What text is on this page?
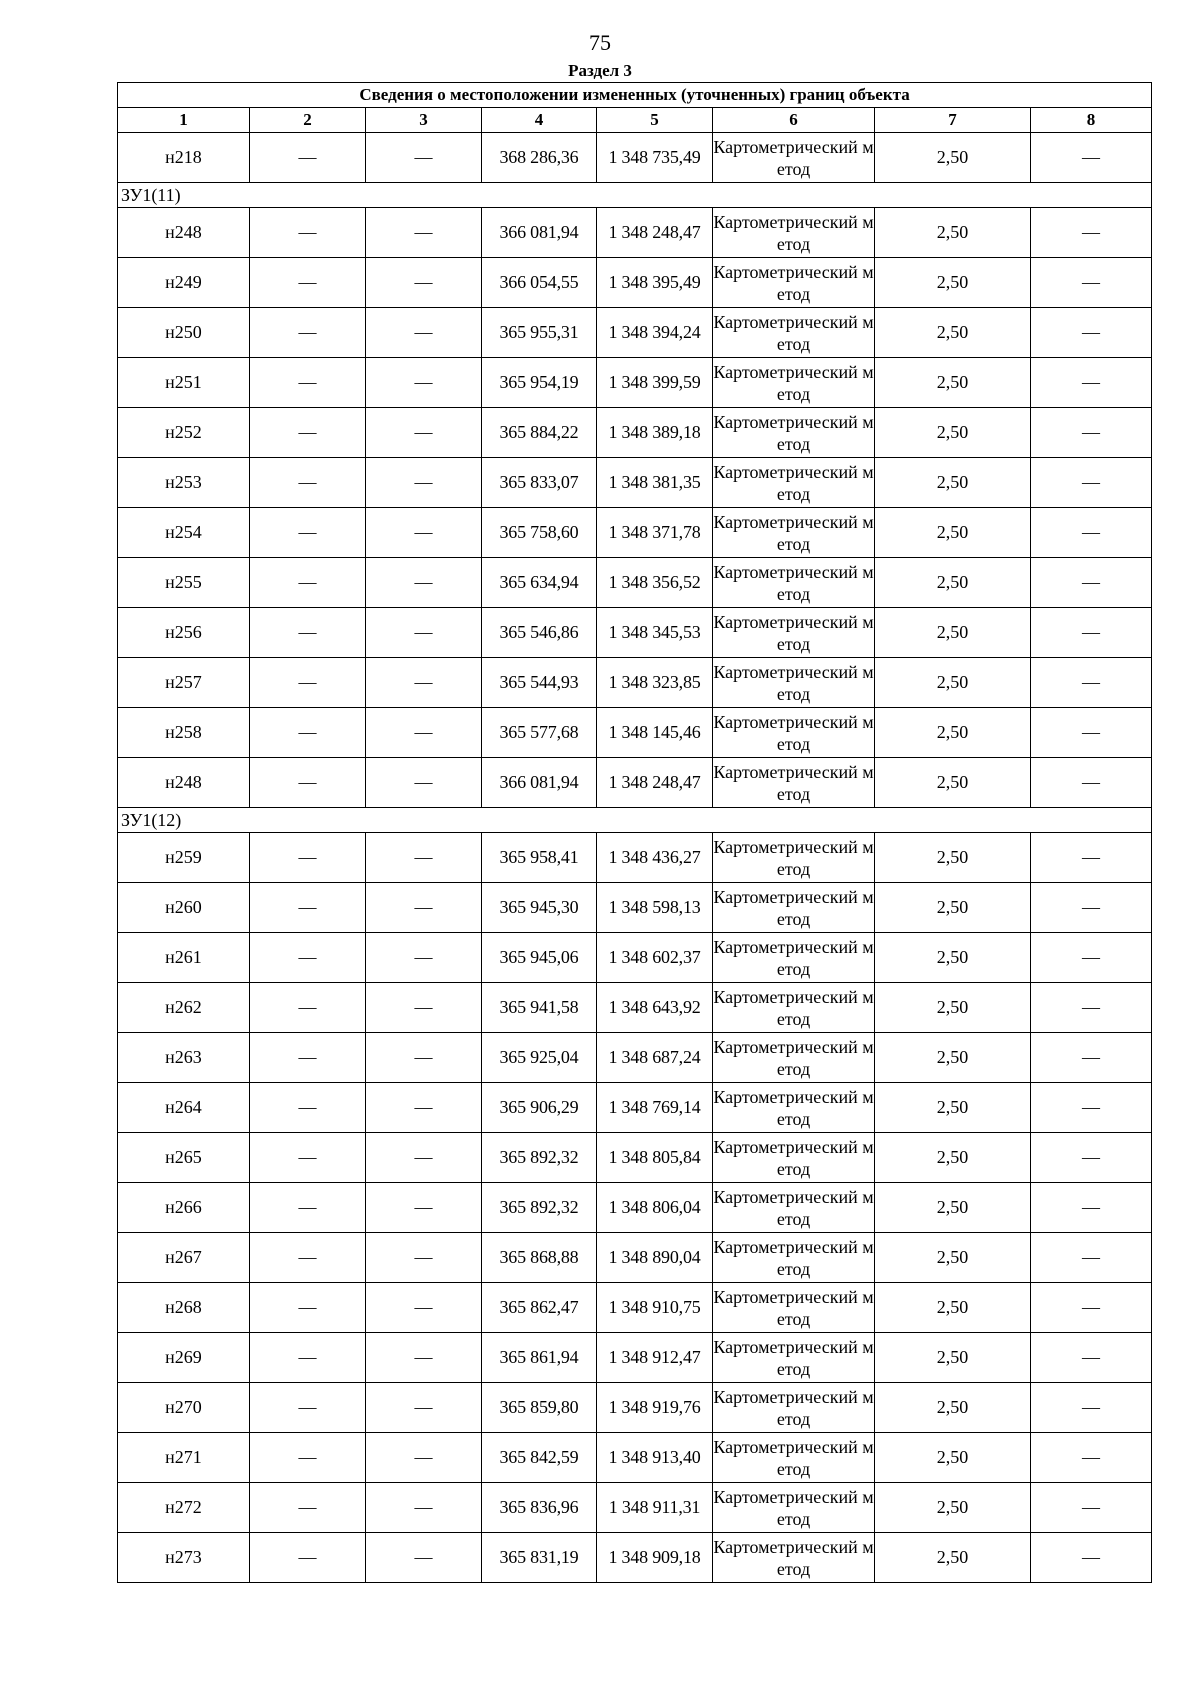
75
Раздел 3
Сведения о местоположении измененных (уточненных) границ объекта							
1	2	3	4	5	6	7	8
н218	—	—	368 286,36	1 348 735,49	Картометрический метод	2,50	—
ЗУ1(11)							
н248	—	—	366 081,94	1 348 248,47	Картометрический метод	2,50	—
н249	—	—	366 054,55	1 348 395,49	Картометрический метод	2,50	—
н250	—	—	365 955,31	1 348 394,24	Картометрический метод	2,50	—
н251	—	—	365 954,19	1 348 399,59	Картометрический метод	2,50	—
н252	—	—	365 884,22	1 348 389,18	Картометрический метод	2,50	—
н253	—	—	365 833,07	1 348 381,35	Картометрический метод	2,50	—
н254	—	—	365 758,60	1 348 371,78	Картометрический метод	2,50	—
н255	—	—	365 634,94	1 348 356,52	Картометрический метод	2,50	—
н256	—	—	365 546,86	1 348 345,53	Картометрический метод	2,50	—
н257	—	—	365 544,93	1 348 323,85	Картометрический метод	2,50	—
н258	—	—	365 577,68	1 348 145,46	Картометрический метод	2,50	—
н248	—	—	366 081,94	1 348 248,47	Картометрический метод	2,50	—
ЗУ1(12)							
н259	—	—	365 958,41	1 348 436,27	Картометрический метод	2,50	—
н260	—	—	365 945,30	1 348 598,13	Картометрический метод	2,50	—
н261	—	—	365 945,06	1 348 602,37	Картометрический метод	2,50	—
н262	—	—	365 941,58	1 348 643,92	Картометрический метод	2,50	—
н263	—	—	365 925,04	1 348 687,24	Картометрический метод	2,50	—
н264	—	—	365 906,29	1 348 769,14	Картометрический метод	2,50	—
н265	—	—	365 892,32	1 348 805,84	Картометрический метод	2,50	—
н266	—	—	365 892,32	1 348 806,04	Картометрический метод	2,50	—
н267	—	—	365 868,88	1 348 890,04	Картометрический метод	2,50	—
н268	—	—	365 862,47	1 348 910,75	Картометрический метод	2,50	—
н269	—	—	365 861,94	1 348 912,47	Картометрический метод	2,50	—
н270	—	—	365 859,80	1 348 919,76	Картометрический метод	2,50	—
н271	—	—	365 842,59	1 348 913,40	Картометрический метод	2,50	—
н272	—	—	365 836,96	1 348 911,31	Картометрический метод	2,50	—
н273	—	—	365 831,19	1 348 909,18	Картометрический метод	2,50	—
